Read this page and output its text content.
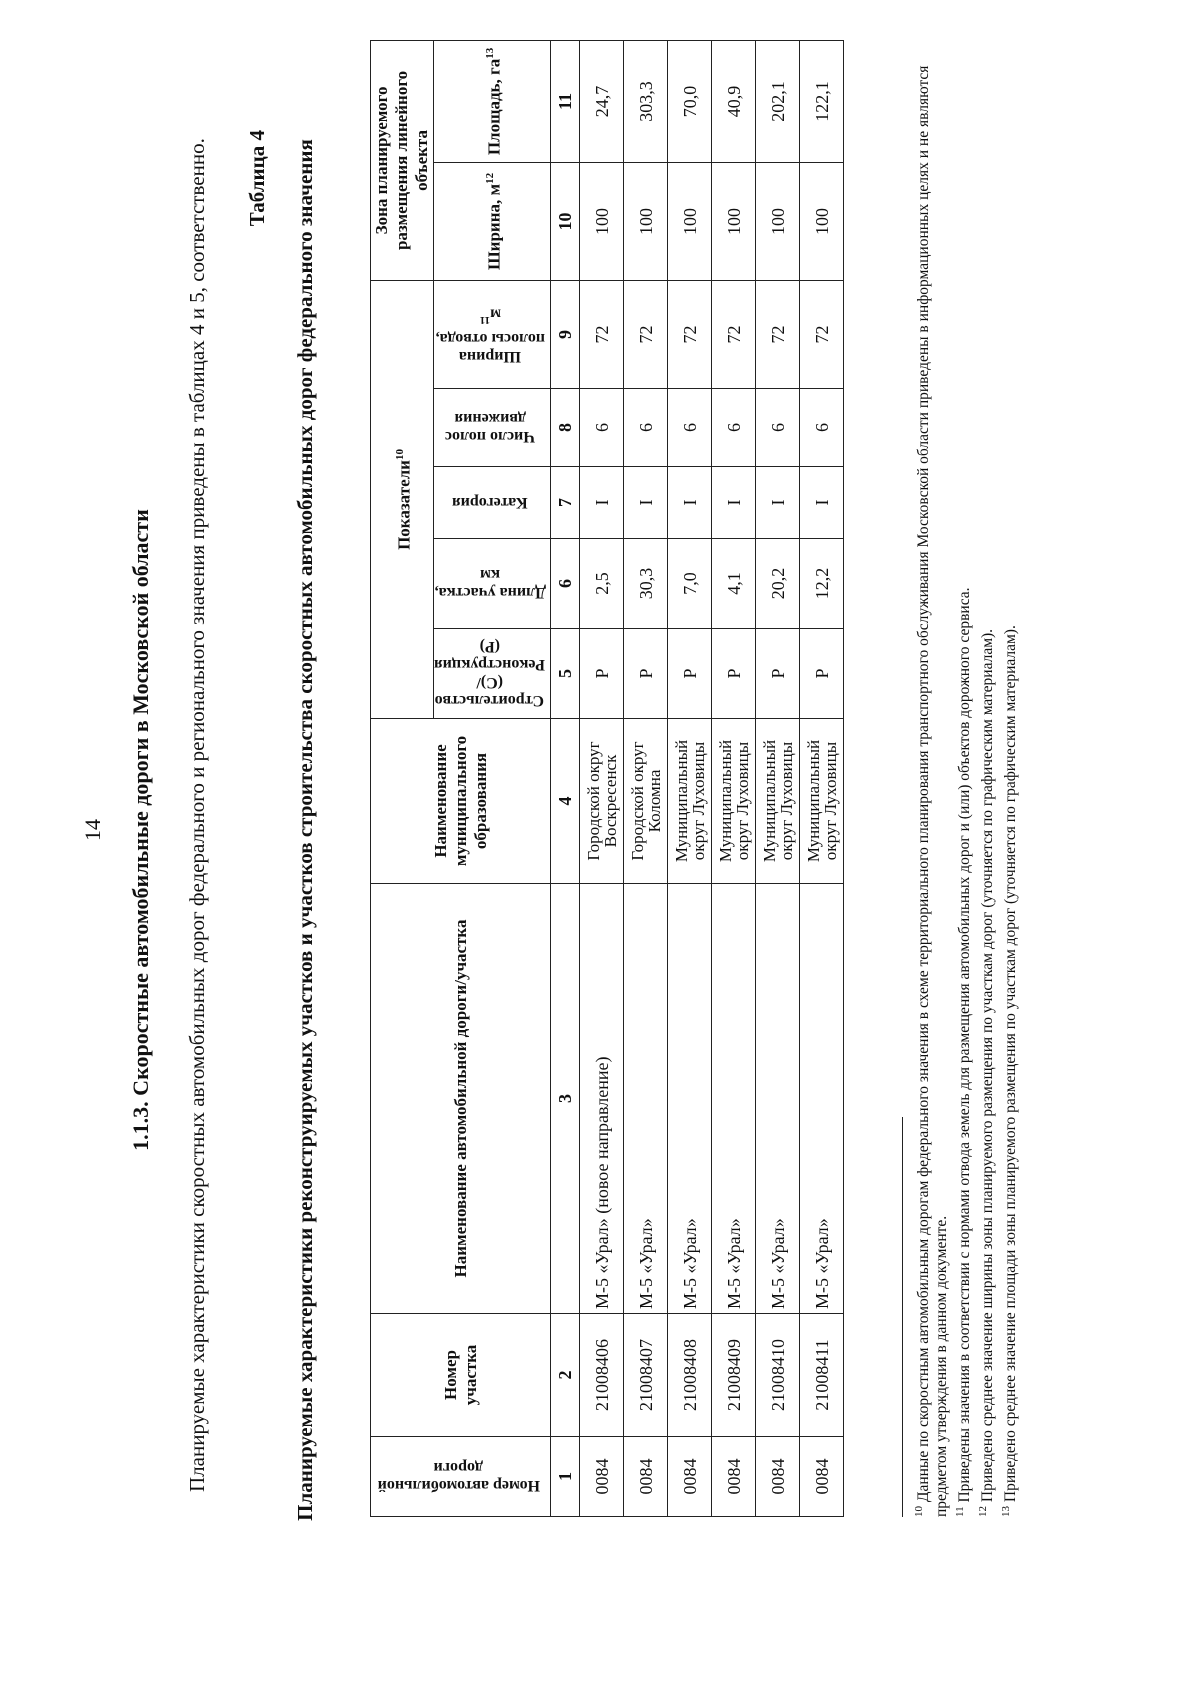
14 1.1.3. Скоростные автомобильные дороги в Московской области Планируемые характеристики скоростных автомобильных дорог федерального и регионального значения приведены в таблицах 4 и 5, соответственно. Таблица 4 Планируемые характеристики реконструируемых участков и участков строительства скоростных автомобильных дорог федерального значения	Номер автомобильной дороги	Номер участка	Наименование автомобильной дороги/участка	Наименование муниципального образования	Показатели$^{10}$					Зона планируемого размещения линейного объекта	
				Строительство (С)/ Реконструкция (Р)	Длина участка, км	Категория	Число полос движения	Ширина полосы отвода, $м^{11}$	Ширина, $м^{12}$	Площадь, $га^{13}$
1	2	3	4	5	6	7	8	9	10	11
0084	21008406	М-5 «Урал» (новое направление)	Городской округ Воскресенск	Р	2,5	I	6	72	100	24,7
0084	21008407	М-5 «Урал»	Городской округ Коломна	Р	30,3	I	6	72	100	303,3
0084	21008408	М-5 «Урал»	Муниципальный округ Луховицы	Р	7,0	I	6	72	100	70,0
0084	21008409	М-5 «Урал»	Муниципальный округ Луховицы	Р	4,1	I	6	72	100	40,9
0084	21008410	М-5 «Урал»	Муниципальный округ Луховицы	Р	20,2	I	6	72	100	202,1
0084	21008411	М-5 «Урал»	Муниципальный округ Луховицы	Р	12,2	I	6	72	100	122,1

$^{10}$ Данные по скоростным автомобильным дорогам федерального значения в схеме территориального планирования транспортного обслуживания Московской области приведены в информационных целях и не являются предметом утверждения в данном документе. $^{11}$ Приведены значения в соответствии с нормами отвода земель для размещения автомобильных дорог и (или) объектов дорожного сервиса.

$^{12}$ Приведено среднее значение ширины зоны планируемого размещения по участкам дорог (уточняется по графическим материалам).

$^{13}$ Приведено среднее значение площади зоны планируемого размещения по участкам дорог (уточняется по графическим материалам).
